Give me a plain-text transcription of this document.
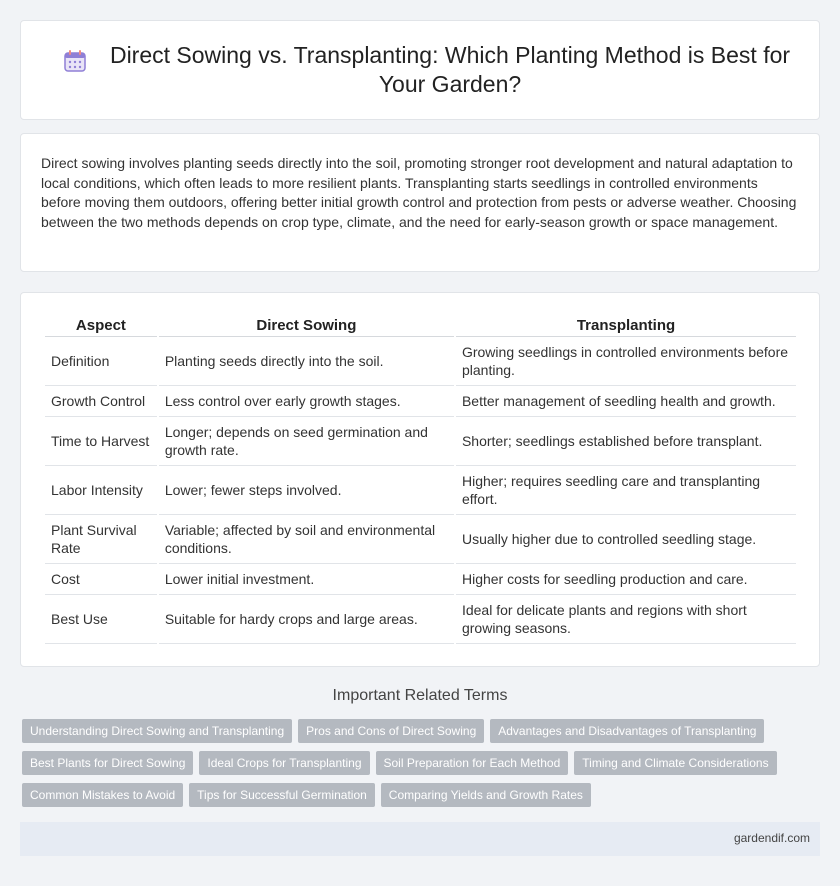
Direct Sowing vs. Transplanting: Which Planting Method is Best for Your Garden?

Direct sowing involves planting seeds directly into the soil, promoting stronger root development and natural adaptation to local conditions, which often leads to more resilient plants. Transplanting starts seedlings in controlled environments before moving them outdoors, offering better initial growth control and protection from pests or adverse weather. Choosing between the two methods depends on crop type, climate, and the need for early-season growth or space management.

Aspect	Direct Sowing	Transplanting
Definition	Planting seeds directly into the soil.	Growing seedlings in controlled environments before planting.
Growth Control	Less control over early growth stages.	Better management of seedling health and growth.
Time to Harvest	Longer; depends on seed germination and growth rate.	Shorter; seedlings established before transplant.
Labor Intensity	Lower; fewer steps involved.	Higher; requires seedling care and transplanting effort.
Plant Survival Rate	Variable; affected by soil and environmental conditions.	Usually higher due to controlled seedling stage.
Cost	Lower initial investment.	Higher costs for seedling production and care.
Best Use	Suitable for hardy crops and large areas.	Ideal for delicate plants and regions with short growing seasons.
Important Related Terms
Understanding Direct Sowing and Transplanting	Pros and Cons of Direct Sowing	Advantages and Disadvantages of Transplanting
Best Plants for Direct Sowing	Ideal Crops for Transplanting	Soil Preparation for Each Method	Timing and Climate Considerations
Common Mistakes to Avoid	Tips for Successful Germination	Comparing Yields and Growth Rates
gardendif.com
